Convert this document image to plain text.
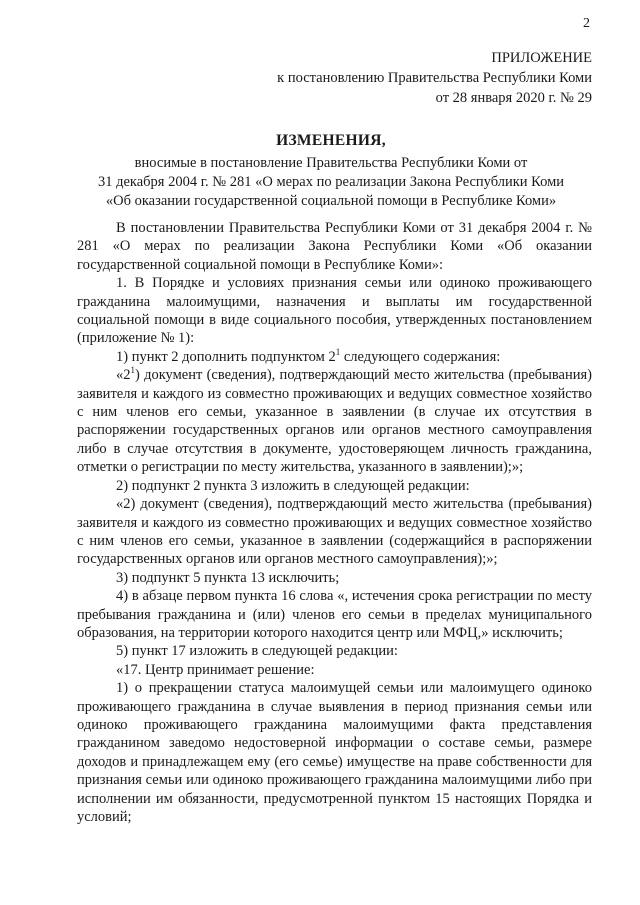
2
ПРИЛОЖЕНИЕ
к постановлению Правительства Республики Коми
от 28 января 2020 г. № 29
ИЗМЕНЕНИЯ,
вносимые в постановление Правительства Республики Коми от
31 декабря 2004 г. № 281 «О мерах по реализации Закона Республики Коми
«Об оказании государственной социальной помощи в Республике Коми»

В постановлении Правительства Республики Коми от 31 декабря 2004 г. № 281 «О мерах по реализации Закона Республики Коми «Об оказании государственной социальной помощи в Республике Коми»:

1. В Порядке и условиях признания семьи или одиноко проживающего гражданина малоимущими, назначения и выплаты им государственной социальной помощи в виде социального пособия, утвержденных постановлением (приложение № 1):

1) пункт 2 дополнить подпунктом $2^1$ следующего содержания:

«$2^1$) документ (сведения), подтверждающий место жительства (пребывания) заявителя и каждого из совместно проживающих и ведущих совместное хозяйство с ним членов его семьи, указанное в заявлении (в случае их отсутствия в распоряжении государственных органов или органов местного самоуправления либо в случае отсутствия в документе, удостоверяющем личность гражданина, отметки о регистрации по месту жительства, указанного в заявлении);»;

2) подпункт 2 пункта 3 изложить в следующей редакции:

«2) документ (сведения), подтверждающий место жительства (пребывания) заявителя и каждого из совместно проживающих и ведущих совместное хозяйство с ним членов его семьи, указанное в заявлении (содержащийся в распоряжении государственных органов или органов местного самоуправления);»;

3) подпункт 5 пункта 13 исключить;

4) в абзаце первом пункта 16 слова «, истечения срока регистрации по месту пребывания гражданина и (или) членов его семьи в пределах муниципального образования, на территории которого находится центр или МФЦ,» исключить;

5) пункт 17 изложить в следующей редакции:

«17. Центр принимает решение:

1) о прекращении статуса малоимущей семьи или малоимущего одиноко проживающего гражданина в случае выявления в период признания семьи или одиноко проживающего гражданина малоимущими факта представления гражданином заведомо недостоверной информации о составе семьи, размере доходов и принадлежащем ему (его семье) имуществе на праве собственности для признания семьи или одиноко проживающего гражданина малоимущими либо при исполнении им обязанности, предусмотренной пунктом 15 настоящих Порядка и условий;
